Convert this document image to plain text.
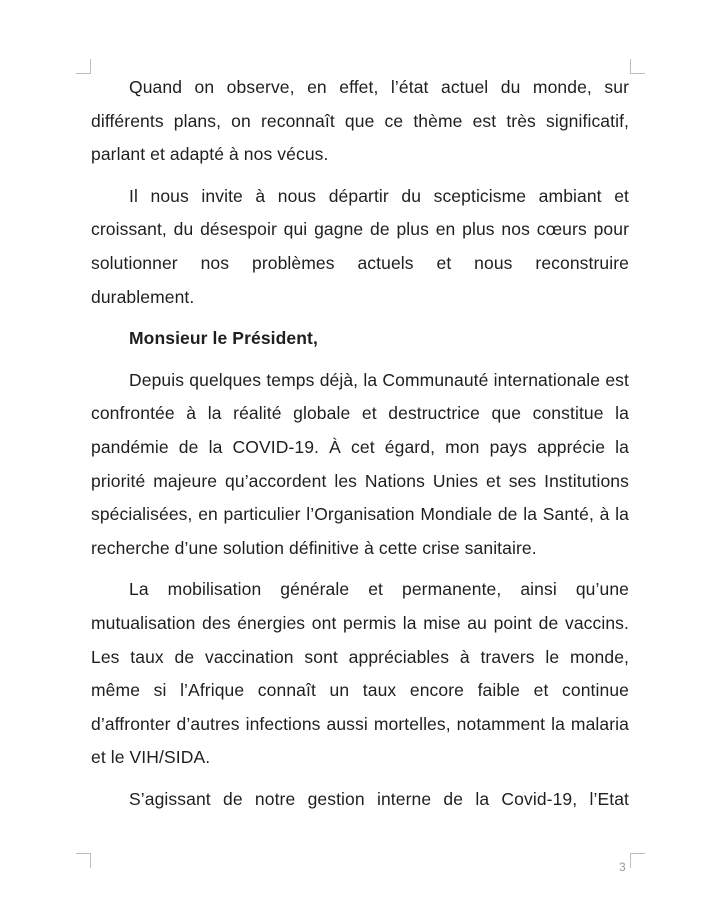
Quand on observe, en effet, l’état actuel du monde, sur différents plans, on reconnaît que ce thème est très significatif, parlant et adapté à nos vécus.

Il nous invite à nous départir du scepticisme ambiant et croissant, du désespoir qui gagne de plus en plus nos cœurs pour solutionner nos problèmes actuels et nous reconstruire durablement.

Monsieur le Président,

Depuis quelques temps déjà, la Communauté internationale est confrontée à la réalité globale et destructrice que constitue la pandémie de la COVID-19. À cet égard, mon pays apprécie la priorité majeure qu’accordent les Nations Unies et ses Institutions spécialisées, en particulier l’Organisation Mondiale de la Santé, à la recherche d’une solution définitive à cette crise sanitaire.

La mobilisation générale et permanente, ainsi qu’une mutualisation des énergies ont permis la mise au point de vaccins. Les taux de vaccination sont appréciables à travers le monde, même si l’Afrique connaît un taux encore faible et continue d’affronter d’autres infections aussi mortelles, notamment la malaria et le VIH/SIDA.

S’agissant de notre gestion interne de la Covid-19, l’Etat

3
